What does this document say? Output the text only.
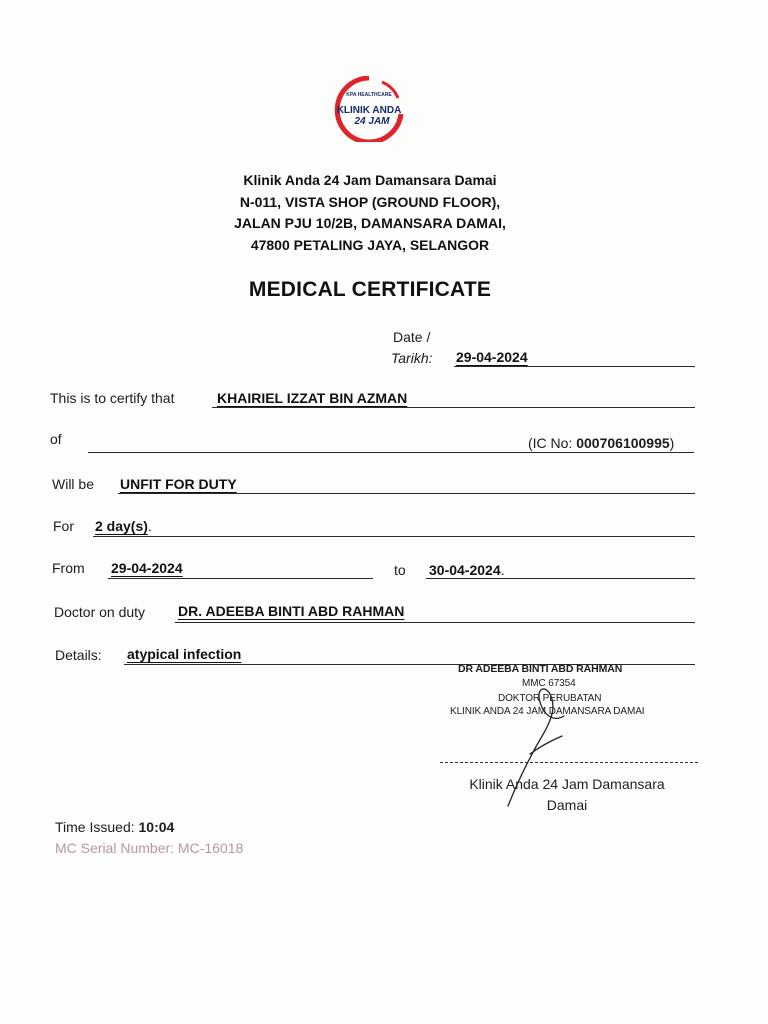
KPA HEALTHCARE
KLINIK ANDA
24 JAM
Klinik Anda 24 Jam Damansara Damai
N-011, VISTA SHOP (GROUND FLOOR),
JALAN PJU 10/2B, DAMANSARA DAMAI,
47800 PETALING JAYA, SELANGOR
MEDICAL CERTIFICATE
Date /
Tarikh: 29-04-2024
This is to certify that	KHAIRIEL IZZAT BIN AZMAN
of	(IC No: 000706100995)
Will be UNFIT FOR DUTY
For 2 day(s).
From 29-04-2024	to 30-04-2024.
Doctor on duty DR. ADEEBA BINTI ABD RAHMAN
Details: atypical infection
DR ADEEBA BINTI ABD RAHMAN
MMC 67354
DOKTOR PERUBATAN
KLINIK ANDA 24 JAM DAMANSARA DAMAI
Klinik Anda 24 Jam Damansara
Damai
Time Issued: 10:04
MC Serial Number: MC-16018
